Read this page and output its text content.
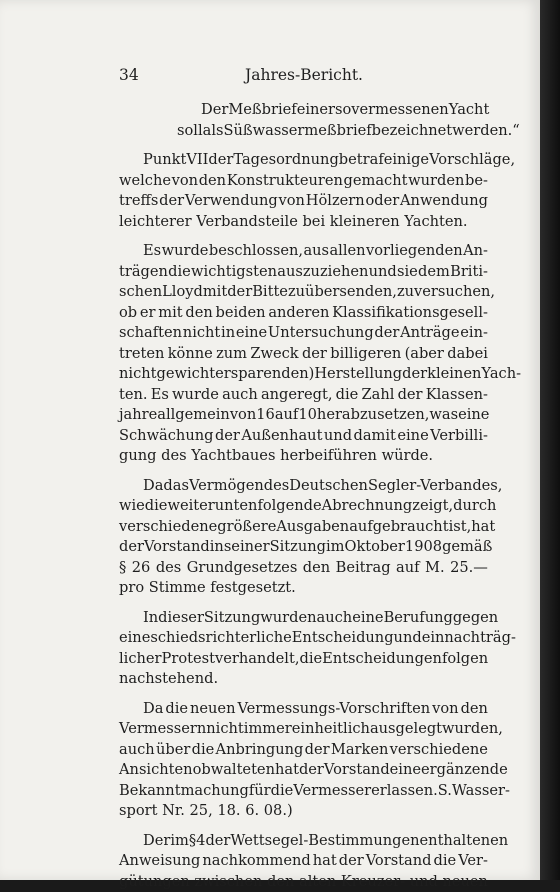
34	Jahres-Bericht.
Der Meßbrief einer so vermessenen Yacht
soll als Süßwassermeßbrief bezeichnet werden.“
Punkt VII der Tagesordnung betraf einige Vorschläge,
welche von den Konstrukteuren gemacht wurden be-
treffs der Verwendung von Hölzern oder Anwendung
leichterer Verbandsteile bei kleineren Yachten.
Es wurde beschlossen, aus allen vorliegenden An-
trägen die wichtigsten auszuziehen und sie dem Briti-
schen Lloyd mit der Bitte zu übersenden, zu versuchen,
ob er mit den beiden anderen Klassifikationsgesell-
schaften nicht in eine Untersuchung der Anträge ein-
treten könne zum Zweck der billigeren (aber dabei
nicht gewichtersparenden) Herstellung der kleinen Yach-
ten. Es wurde auch angeregt, die Zahl der Klassen-
jahre allgemein von 16 auf 10 herabzusetzen, was eine
Schwächung der Außenhaut und damit eine Verbilli-
gung des Yachtbaues herbeiführen würde.
Da das Vermögen des Deutschen Segler-Verbandes,
wie die weiter unten folgende Abrechnung zeigt, durch
verschiedene größere Ausgaben aufgebraucht ist, hat
der Vorstand in seiner Sitzung im Oktober 1908 gemäß
§ 26 des Grundgesetzes den Beitrag auf M. 25.—
pro Stimme festgesetzt.
In dieser Sitzung wurden auch eine Berufung gegen
eine schiedsrichterliche Entscheidung und ein nachträg-
licher Protest verhandelt, die Entscheidungen folgen
nachstehend.
Da die neuen Vermessungs-Vorschriften von den
Vermessern nicht immer einheitlich ausgelegt wurden,
auch über die Anbringung der Marken verschiedene
Ansichten obwalteten hat der Vorstand eine ergänzende
Bekanntmachung für die Vermesser erlassen. S. Wasser-
sport Nr. 25, 18. 6. 08.)
Der im § 4 der Wettsegel-Bestimmungen enthaltenen
Anweisung nachkommend hat der Vorstand die Ver-
gütungen zwischen den alten Kreuzer- und neuen
